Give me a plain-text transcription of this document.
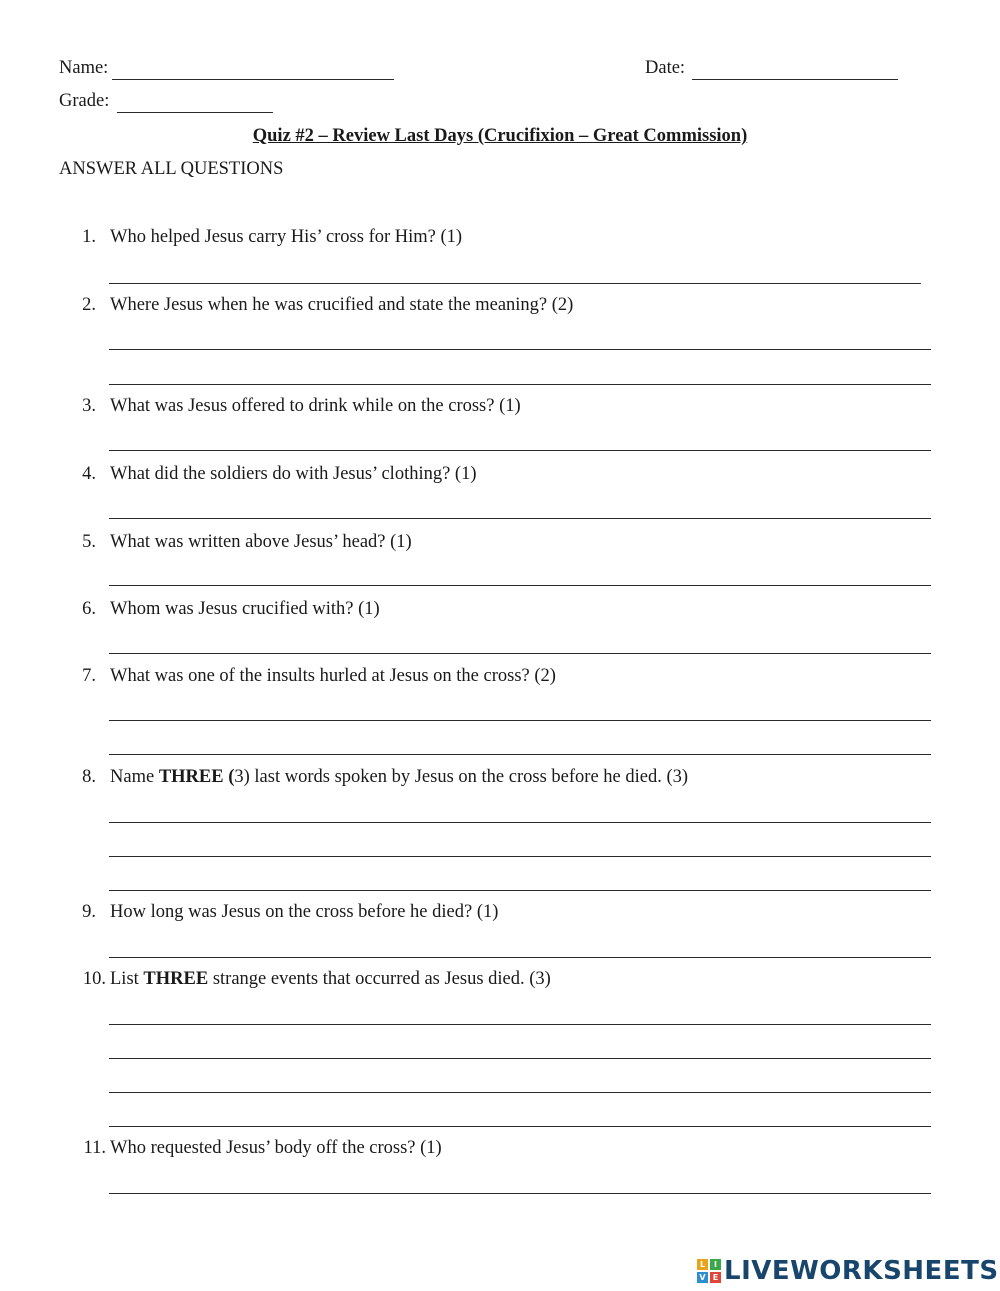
Name:	Date:
Grade:
Quiz #2 – Review Last Days (Crucifixion – Great Commission)
ANSWER ALL QUESTIONS
1. Who helped Jesus carry His’ cross for Him? (1)
2. Where Jesus when he was crucified and state the meaning? (2)
3. What was Jesus offered to drink while on the cross? (1)
4. What did the soldiers do with Jesus’ clothing? (1)
5. What was written above Jesus’ head? (1)
6. Whom was Jesus crucified with? (1)
7. What was one of the insults hurled at Jesus on the cross? (2)
8. Name THREE (3) last words spoken by Jesus on the cross before he died. (3)
9. How long was Jesus on the cross before he died? (1)
10. List THREE strange events that occurred as Jesus died. (3)
11. Who requested Jesus’ body off the cross? (1)
L	I
V E LIVEWORKSHEETS
